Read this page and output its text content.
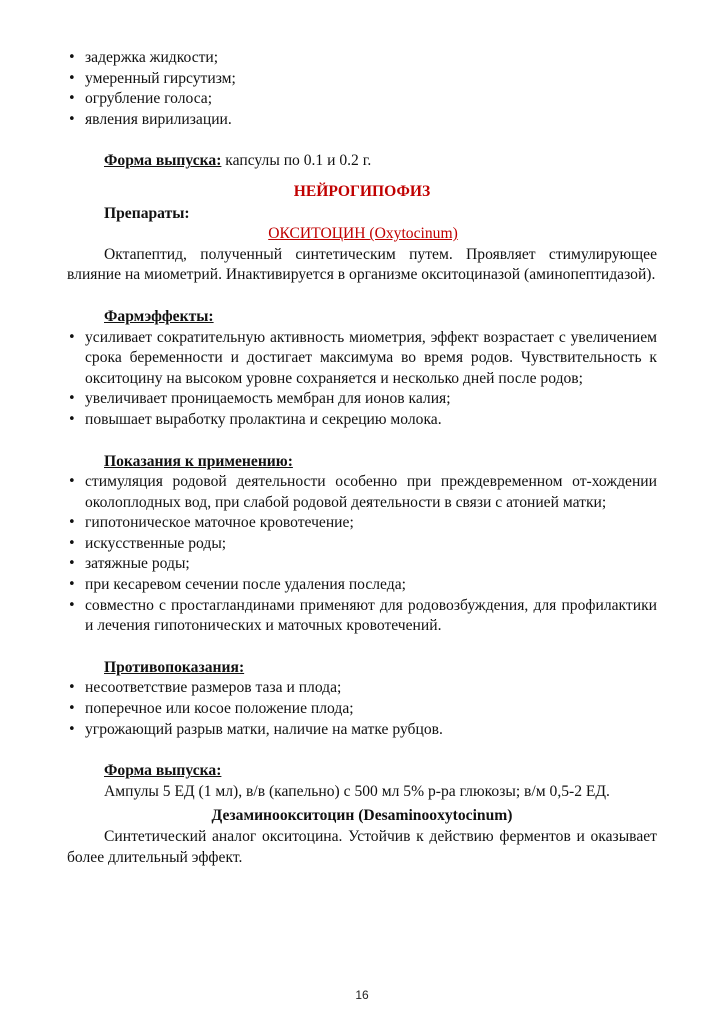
• задержка жидкости;
• умеренный гирсутизм;
• огрубление голоса;
• явления вирилизации.
Форма выпуска: капсулы по 0.1 и 0.2 г.
НЕЙРОГИПОФИЗ
Препараты:
ОКСИТОЦИН (Oxytocinum)

Октапептид, полученный синтетическим путем. Проявляет стимулирующее влияние на миометрий. Инактивируется в организме окситоциназой (аминопептидазой).

Фармэффекты:
• усиливает сократительную активность миометрия, эффект возрастает с увеличением срока беременности и достигает максимума во время родов. Чувствительность к окситоцину на высоком уровне сохраняется и несколько дней после родов;
• увеличивает проницаемость мембран для ионов калия;
• повышает выработку пролактина и секрецию молока.
Показания к применению:
• стимуляция родовой деятельности особенно при преждевременном от-хождении околоплодных вод, при слабой родовой деятельности в связи с атонией матки;
• гипотоническое маточное кровотечение;
• искусственные роды;
• затяжные роды;
• при кесаревом сечении после удаления последа;
• совместно с простагландинами применяют для родовозбуждения, для профилактики и лечения гипотонических и маточных кровотечений.
Противопоказания:
• несоответствие размеров таза и плода;
• поперечное или косое положение плода;
• угрожающий разрыв матки, наличие на матке рубцов.
Форма выпуска:

Ампулы 5 ЕД (1 мл), в/в (капельно) с 500 мл 5% р-ра глюкозы; в/м 0,5-2 ЕД.

Дезаминоокситоцин (Desaminooxytocinum)

Синтетический аналог окситоцина. Устойчив к действию ферментов и оказывает более длительный эффект.

16
